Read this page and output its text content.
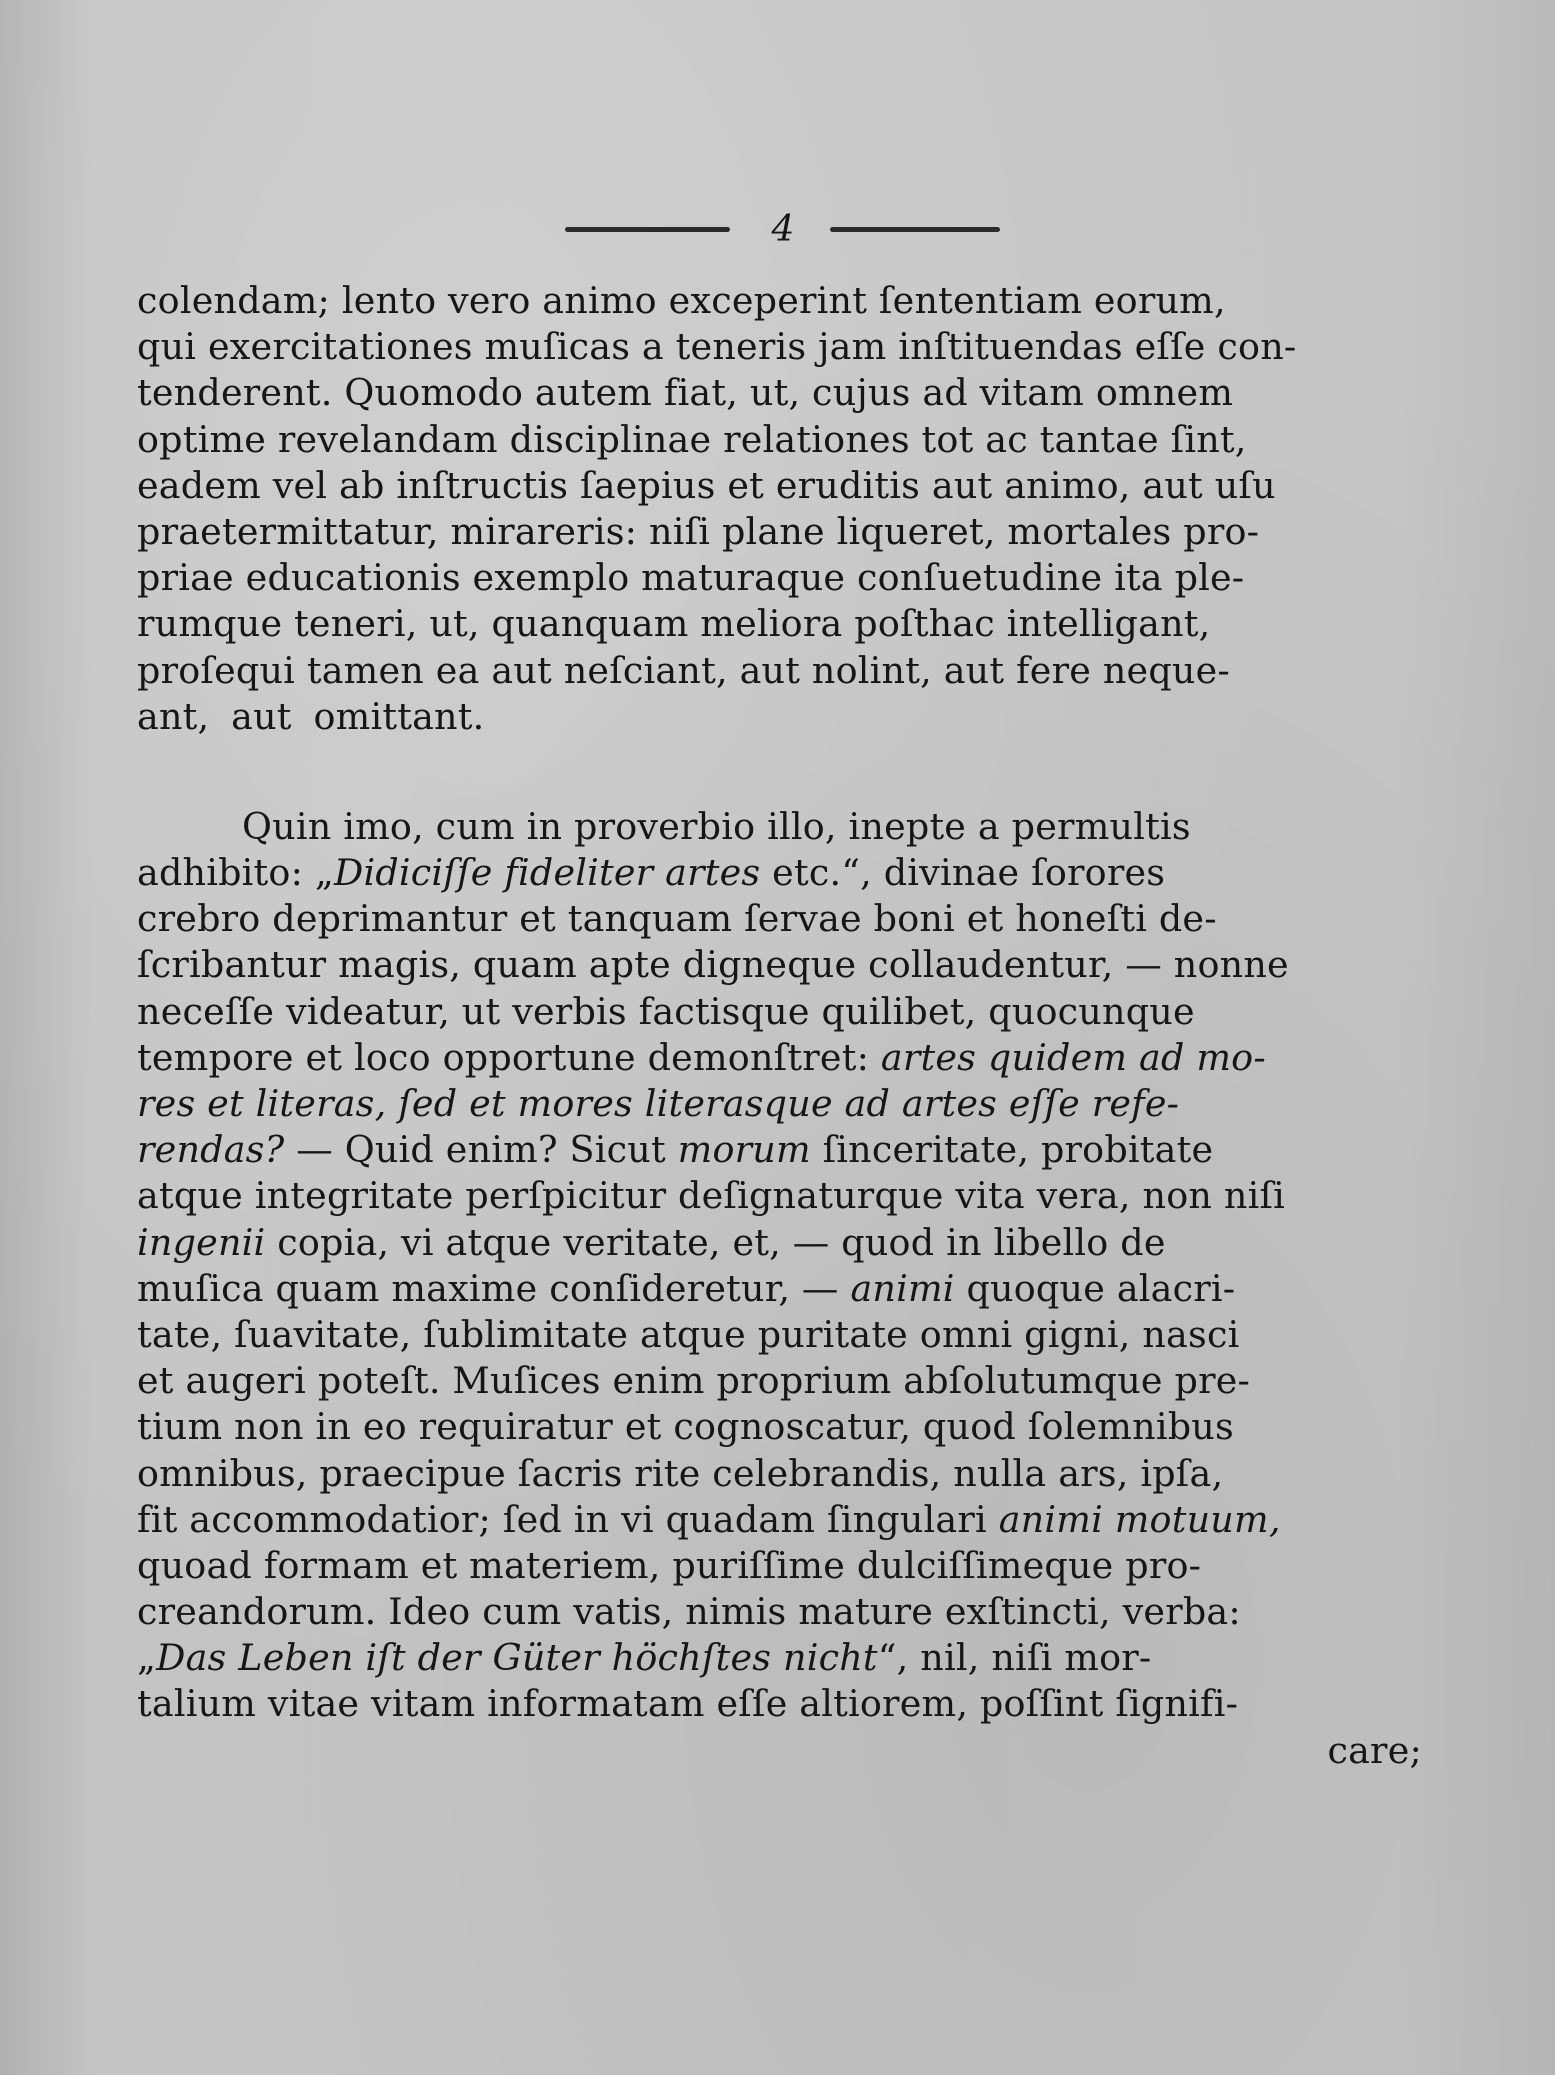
4
colendam; lento vero animo exceperint ſententiam eorum,
qui exercitationes muſicas a teneris jam inſtituendas eſſe con-
tenderent. Quomodo autem fiat, ut, cujus ad vitam omnem
optime revelandam disciplinae relationes tot ac tantae ſint,
eadem vel ab inſtructis ſaepius et eruditis aut animo, aut uſu
praetermittatur, mirareris: niſi plane liqueret, mortales pro-
priae educationis exemplo maturaque conſuetudine ita ple-
rumque teneri, ut, quanquam meliora poſthac intelligant,
proſequi tamen ea aut neſciant, aut nolint, aut fere neque-
ant, aut omittant.
Quin imo, cum in proverbio illo, inepte a permultis
adhibito: „Didiciſſe fideliter artes etc.“, divinae ſorores
crebro deprimantur et tanquam ſervae boni et honeſti de-
ſcribantur magis, quam apte digneque collaudentur, — nonne
neceſſe videatur, ut verbis factisque quilibet, quocunque
tempore et loco opportune demonſtret: artes quidem ad mo-
res et literas, ſed et mores literasque ad artes eſſe refe-
rendas? — Quid enim? Sicut morum ſinceritate, probitate
atque integritate perſpicitur deſignaturque vita vera, non niſi
ingenii copia, vi atque veritate, et, — quod in libello de
muſica quam maxime conſideretur, — animi quoque alacri-
tate, ſuavitate, ſublimitate atque puritate omni gigni, nasci
et augeri poteſt. Muſices enim proprium abſolutumque pre-
tium non in eo requiratur et cognoscatur, quod ſolemnibus
omnibus, praecipue ſacris rite celebrandis, nulla ars, ipſa,
fit accommodatior; ſed in vi quadam ſingulari animi motuum,
quoad formam et materiem, puriſſime dulciſſimeque pro-
creandorum. Ideo cum vatis, nimis mature exſtincti, verba:
„Das Leben iſt der Güter höchſtes nicht“, nil, niſi mor-
talium vitae vitam informatam eſſe altiorem, poſſint ſignifi-
care;
